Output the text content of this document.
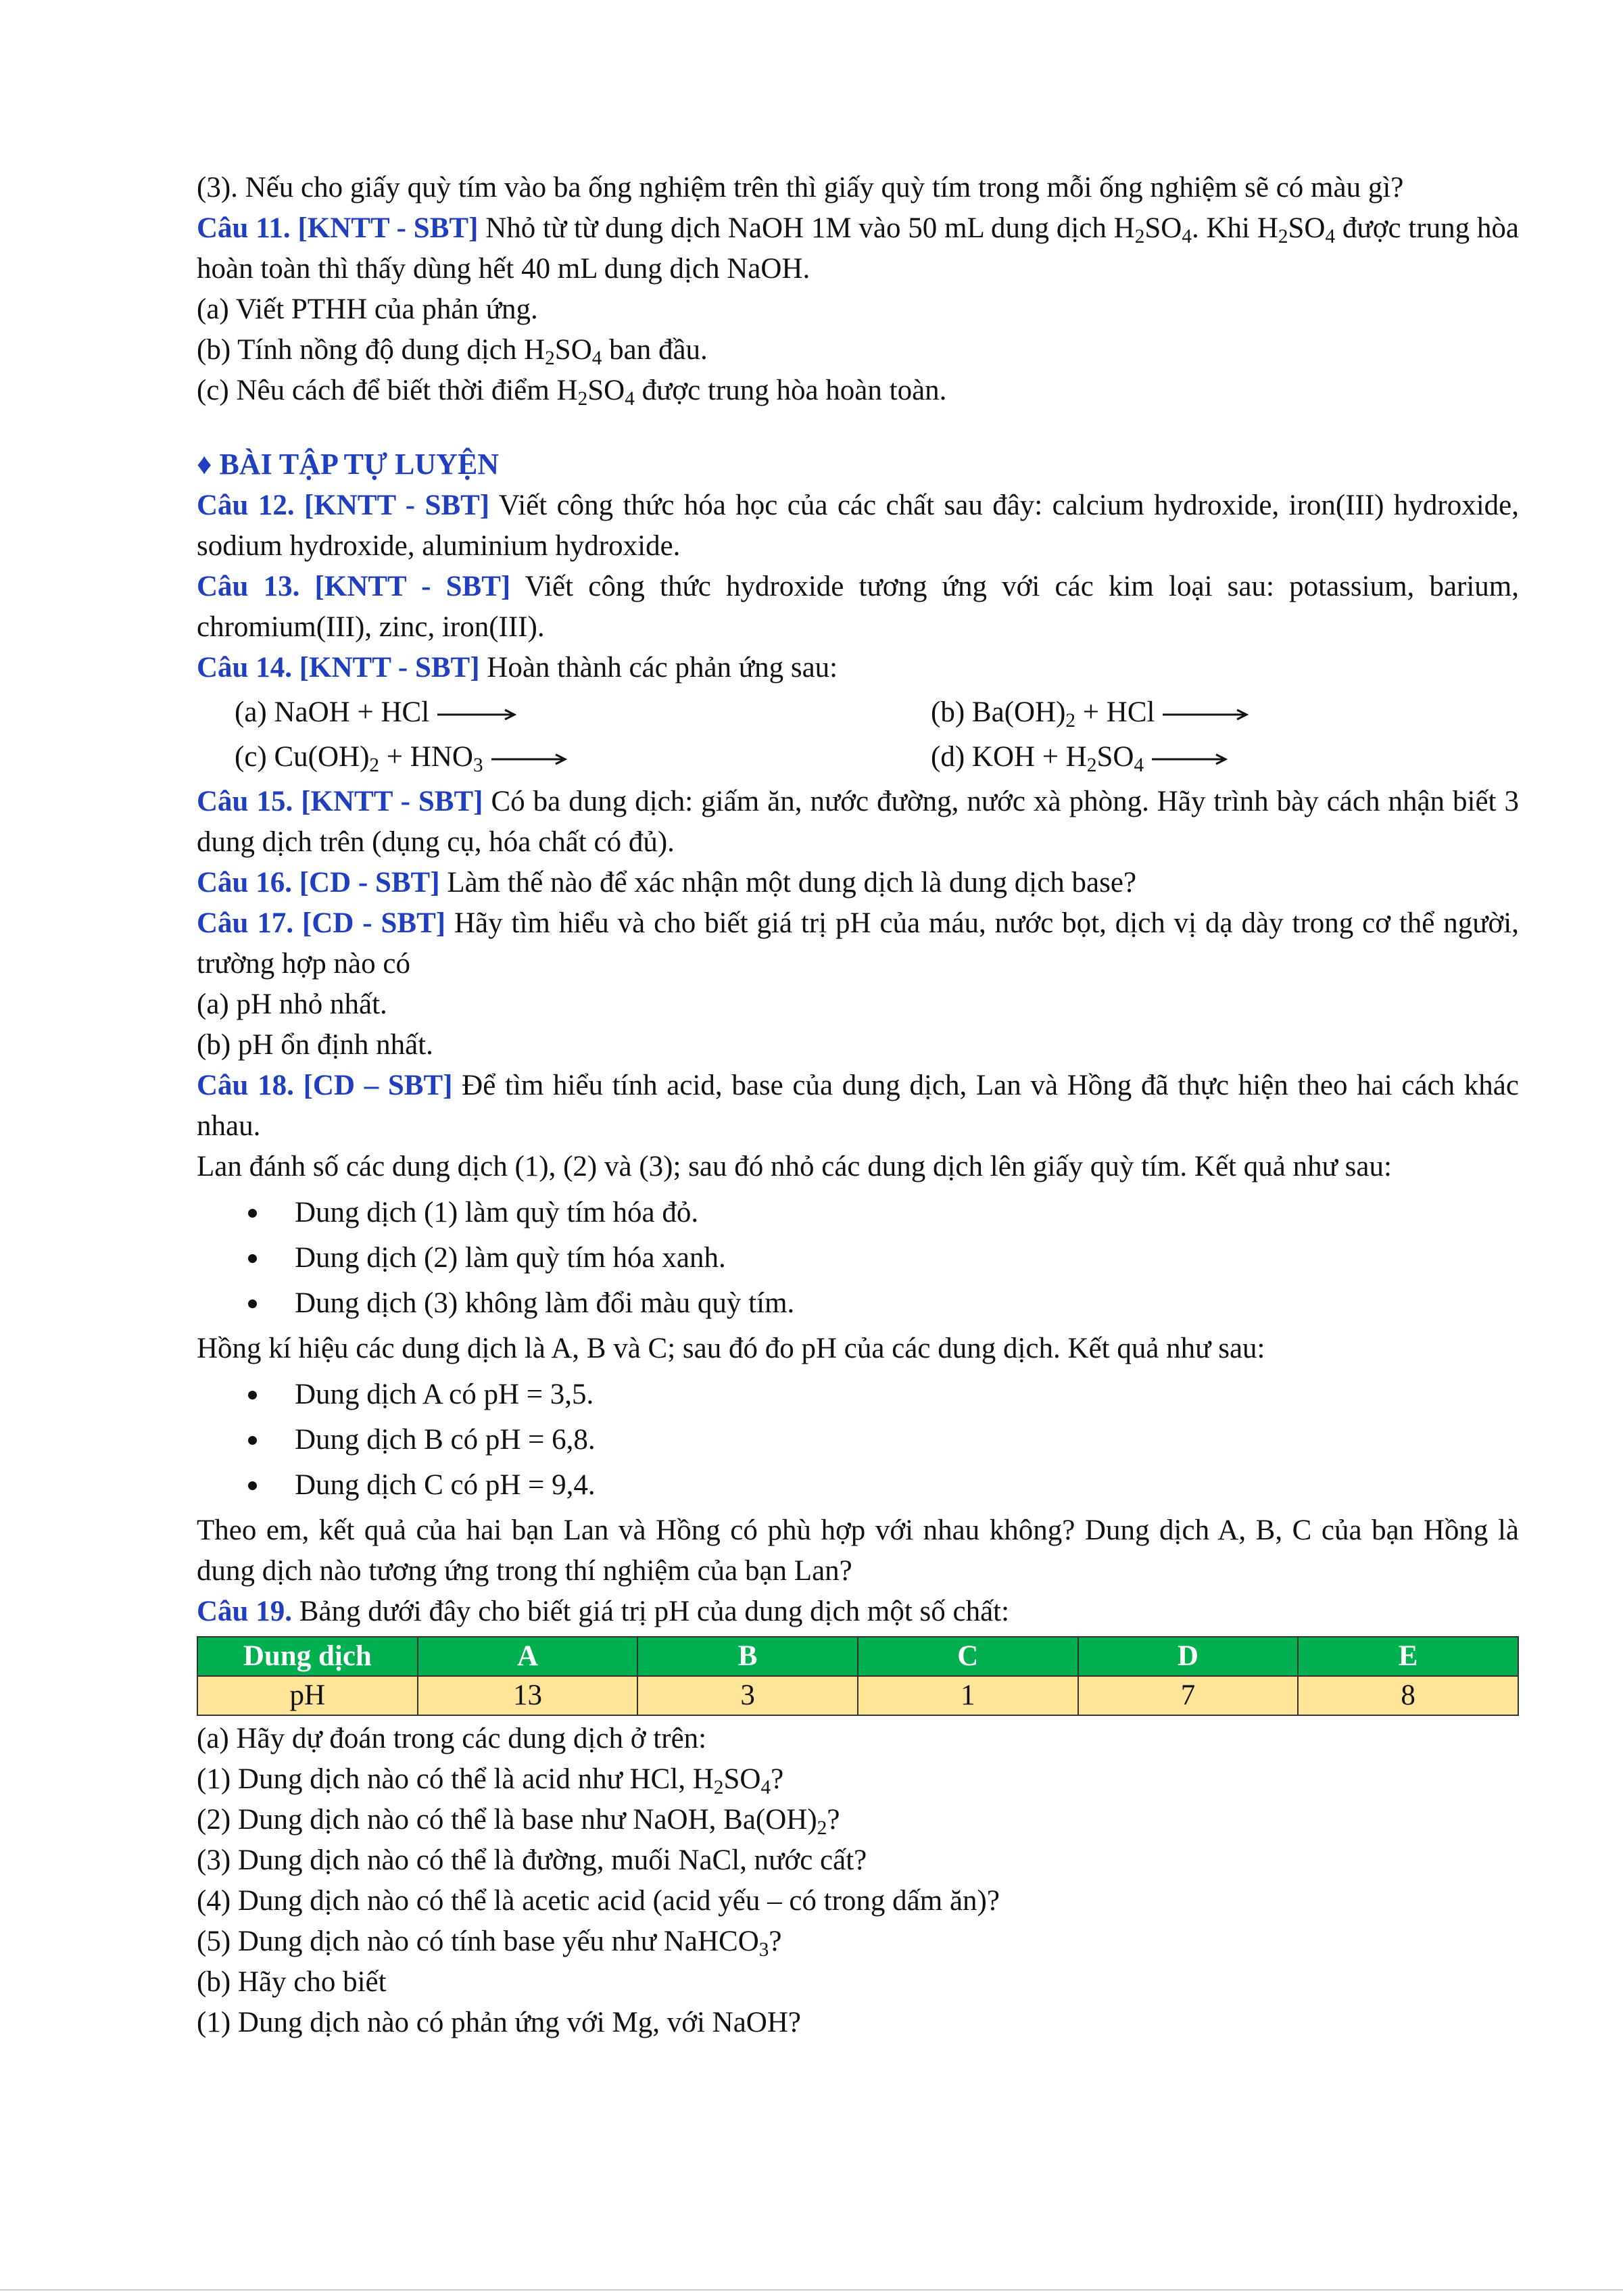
(3). Nếu cho giấy quỳ tím vào ba ống nghiệm trên thì giấy quỳ tím trong mỗi ống nghiệm sẽ có màu gì?

Câu 11. [KNTT - SBT] Nhỏ từ từ dung dịch NaOH 1M vào 50 mL dung dịch $H_2SO_4$. Khi $H_2SO_4$ được trung hòa hoàn toàn thì thấy dùng hết 40 mL dung dịch NaOH.

(a) Viết PTHH của phản ứng.

(b) Tính nồng độ dung dịch $H_2SO_4$ ban đầu.

(c) Nêu cách để biết thời điểm $H_2SO_4$ được trung hòa hoàn toàn.

♦ BÀI TẬP TỰ LUYỆN

Câu 12. [KNTT - SBT] Viết công thức hóa học của các chất sau đây: calcium hydroxide, iron(III) hydroxide, sodium hydroxide, aluminium hydroxide.

Câu 13. [KNTT - SBT] Viết công thức hydroxide tương ứng với các kim loại sau: potassium, barium, chromium(III), zinc, iron(III).

Câu 14. [KNTT - SBT] Hoàn thành các phản ứng sau:

(a) NaOH + HCl →	(b) $Ba(OH)_2$ + HCl →
(c) $Cu(OH)_2 + HNO_3$ →	(d) KOH + $H_2SO_4$ →

Câu 15. [KNTT - SBT] Có ba dung dịch: giấm ăn, nước đường, nước xà phòng. Hãy trình bày cách nhận biết 3 dung dịch trên (dụng cụ, hóa chất có đủ).

Câu 16. [CD - SBT] Làm thế nào để xác nhận một dung dịch là dung dịch base?

Câu 17. [CD - SBT] Hãy tìm hiểu và cho biết giá trị pH của máu, nước bọt, dịch vị dạ dày trong cơ thể người, trường hợp nào có

(a) pH nhỏ nhất.

(b) pH ổn định nhất.

Câu 18. [CD – SBT] Để tìm hiểu tính acid, base của dung dịch, Lan và Hồng đã thực hiện theo hai cách khác nhau.

Lan đánh số các dung dịch (1), (2) và (3); sau đó nhỏ các dung dịch lên giấy quỳ tím. Kết quả như sau:

Dung dịch (1) làm quỳ tím hóa đỏ.
Dung dịch (2) làm quỳ tím hóa xanh.
Dung dịch (3) không làm đổi màu quỳ tím.

Hồng kí hiệu các dung dịch là A, B và C; sau đó đo pH của các dung dịch. Kết quả như sau:

Dung dịch A có pH = 3,5.
Dung dịch B có pH = 6,8.
Dung dịch C có pH = 9,4.

Theo em, kết quả của hai bạn Lan và Hồng có phù hợp với nhau không? Dung dịch A, B, C của bạn Hồng là dung dịch nào tương ứng trong thí nghiệm của bạn Lan?

Câu 19. Bảng dưới đây cho biết giá trị pH của dung dịch một số chất:

Dung dịch	A	B	C	D	E
pH	13	3	1	7	8

(a) Hãy dự đoán trong các dung dịch ở trên:

(1) Dung dịch nào có thể là acid như HCl, $H_2SO_4$?

(2) Dung dịch nào có thể là base như NaOH, $Ba(OH)_2$?

(3) Dung dịch nào có thể là đường, muối NaCl, nước cất?

(4) Dung dịch nào có thể là acetic acid (acid yếu – có trong dấm ăn)?

(5) Dung dịch nào có tính base yếu như NaHCO$_3$?

(b) Hãy cho biết

(1) Dung dịch nào có phản ứng với Mg, với NaOH?
